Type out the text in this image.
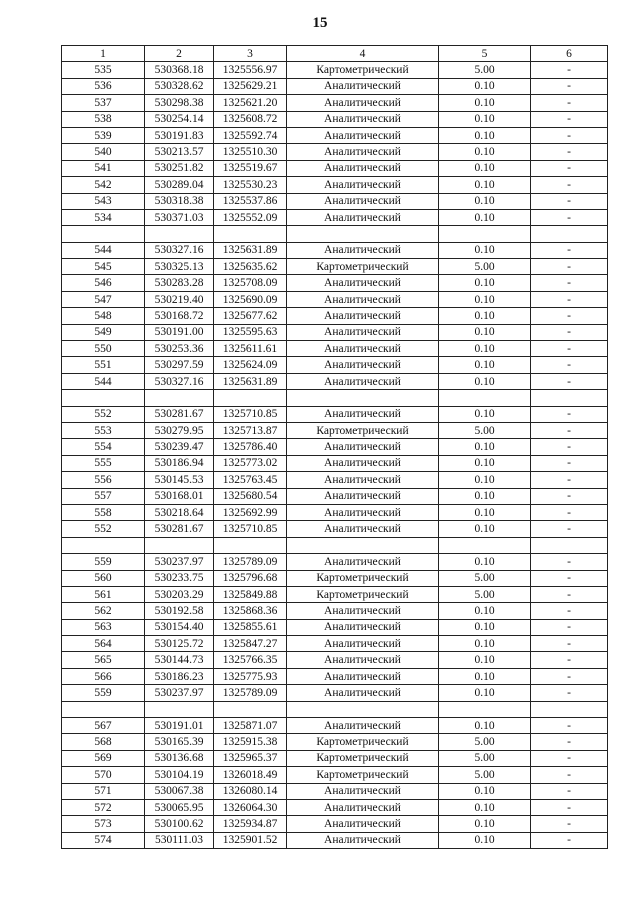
15
1	2	3	4	5	6
535	530368.18	1325556.97	Картометрический	5.00	-
536	530328.62	1325629.21	Аналитический	0.10	-
537	530298.38	1325621.20	Аналитический	0.10	-
538	530254.14	1325608.72	Аналитический	0.10	-
539	530191.83	1325592.74	Аналитический	0.10	-
540	530213.57	1325510.30	Аналитический	0.10	-
541	530251.82	1325519.67	Аналитический	0.10	-
542	530289.04	1325530.23	Аналитический	0.10	-
543	530318.38	1325537.86	Аналитический	0.10	-
534	530371.03	1325552.09	Аналитический	0.10	-

544	530327.16	1325631.89	Аналитический	0.10	-
545	530325.13	1325635.62	Картометрический	5.00	-
546	530283.28	1325708.09	Аналитический	0.10	-
547	530219.40	1325690.09	Аналитический	0.10	-
548	530168.72	1325677.62	Аналитический	0.10	-
549	530191.00	1325595.63	Аналитический	0.10	-
550	530253.36	1325611.61	Аналитический	0.10	-
551	530297.59	1325624.09	Аналитический	0.10	-
544	530327.16	1325631.89	Аналитический	0.10	-

552	530281.67	1325710.85	Аналитический	0.10	-
553	530279.95	1325713.87	Картометрический	5.00	-
554	530239.47	1325786.40	Аналитический	0.10	-
555	530186.94	1325773.02	Аналитический	0.10	-
556	530145.53	1325763.45	Аналитический	0.10	-
557	530168.01	1325680.54	Аналитический	0.10	-
558	530218.64	1325692.99	Аналитический	0.10	-
552	530281.67	1325710.85	Аналитический	0.10	-

559	530237.97	1325789.09	Аналитический	0.10	-
560	530233.75	1325796.68	Картометрический	5.00	-
561	530203.29	1325849.88	Картометрический	5.00	-
562	530192.58	1325868.36	Аналитический	0.10	-
563	530154.40	1325855.61	Аналитический	0.10	-
564	530125.72	1325847.27	Аналитический	0.10	-
565	530144.73	1325766.35	Аналитический	0.10	-
566	530186.23	1325775.93	Аналитический	0.10	-
559	530237.97	1325789.09	Аналитический	0.10	-

567	530191.01	1325871.07	Аналитический	0.10	-
568	530165.39	1325915.38	Картометрический	5.00	-
569	530136.68	1325965.37	Картометрический	5.00	-
570	530104.19	1326018.49	Картометрический	5.00	-
571	530067.38	1326080.14	Аналитический	0.10	-
572	530065.95	1326064.30	Аналитический	0.10	-
573	530100.62	1325934.87	Аналитический	0.10	-
574	530111.03	1325901.52	Аналитический	0.10	-
